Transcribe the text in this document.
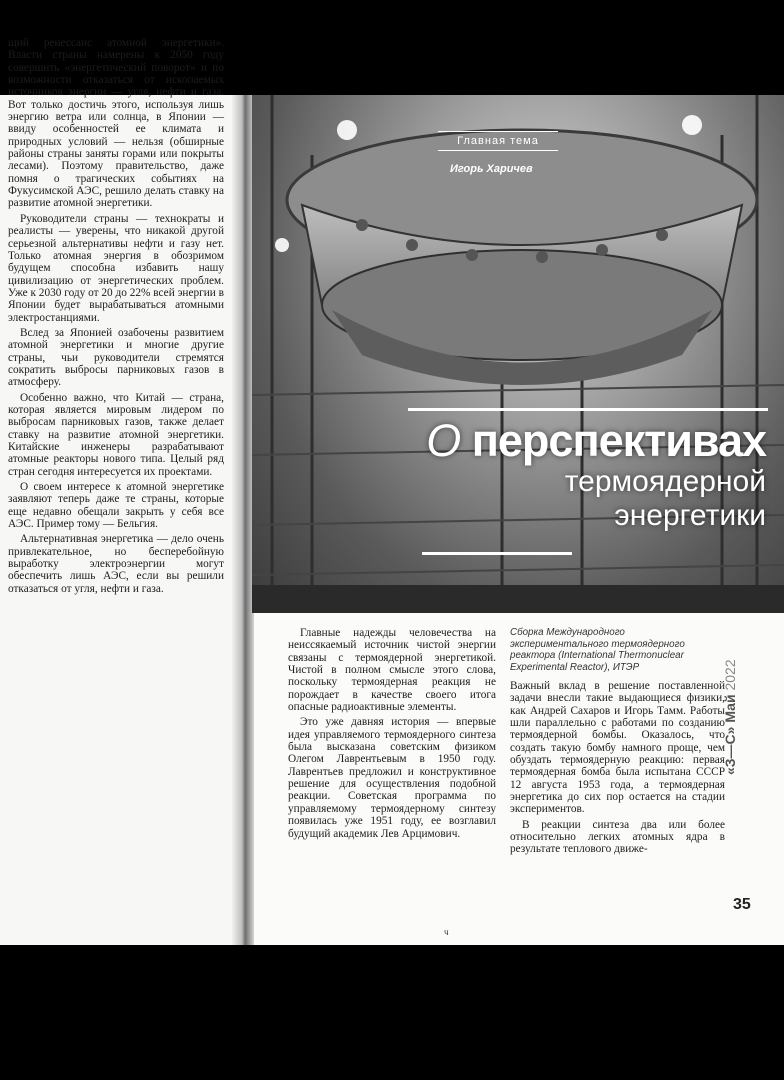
щий ренессанс атомной энергетики». Власти страны намерены к 2050 году совершить «энергетический поворот» и по возможности отказаться от ископаемых источников энергии — угля, нефти и газа. Вот только достичь этого, используя лишь энергию ветра или солнца, в Японии — ввиду особенностей ее климата и природных условий — нельзя (обширные районы страны заняты горами или покрыты лесами). Поэтому правительство, даже помня о трагических событиях на Фукусимской АЭС, решило делать ставку на развитие атомной энергетики.

Руководители страны — технократы и реалисты — уверены, что никакой другой серьезной альтернативы нефти и газу нет. Только атомная энергия в обозримом будущем способна избавить нашу цивилизацию от энергетических проблем. Уже к 2030 году от 20 до 22% всей энергии в Японии будет вырабатываться атомными электростанциями.

Вслед за Японией озабочены развитием атомной энергетики и многие другие страны, чьи руководители стремятся сократить выбросы парниковых газов в атмосферу.

Особенно важно, что Китай — страна, которая является мировым лидером по выбросам парниковых газов, также делает ставку на развитие атомной энергетики. Китайские инженеры разрабатывают атомные реакторы нового типа. Целый ряд стран сегодня интересуется их проектами.

О своем интересе к атомной энергетике заявляют теперь даже те страны, которые еще недавно обещали закрыть у себя все АЭС. Пример тому — Бельгия.

Альтернативная энергетика — дело очень привлекательное, но бесперебойную выработку электроэнергии могут обеспечить лишь АЭС, если вы решили отказаться от угля, нефти и газа.

Главная тема
Игорь Харичев
О перспективах
термоядерной
энергетики

Главные надежды человечества на неиссякаемый источник чистой энергии связаны с термоядерной энергетикой. Чистой в полном смысле этого слова, поскольку термоядерная реакция не порождает в качестве своего итога опасные радиоактивные элементы.

Это уже давняя история — впервые идея управляемого термоядерного синтеза была высказана советским физиком Олегом Лаврентьевым в 1950 году. Лаврентьев предложил и конструктивное решение для осуществления подобной реакции. Советская программа по управляемому термоядерному синтезу появилась уже 1951 году, ее возглавил будущий академик Лев Арцимович.

Сборка Международного экспериментального термоядерного реактора (International Thermonuclear Experimental Reactor), ИТЭР

Важный вклад в решение поставленной задачи внесли такие выдающиеся физики, как Андрей Сахаров и Игорь Тамм. Работы шли параллельно с работами по созданию термоядерной бомбы. Оказалось, что создать такую бомбу намного проще, чем обуздать термоядерную реакцию: первая термоядерная бомба была испытана СССР 12 августа 1953 года, а термоядерная энергетика до сих пор остается на стадии экспериментов.

В реакции синтеза два или более относительно легких атомных ядра в результате теплового движе-

«З—С» Май 2022
35
ч
